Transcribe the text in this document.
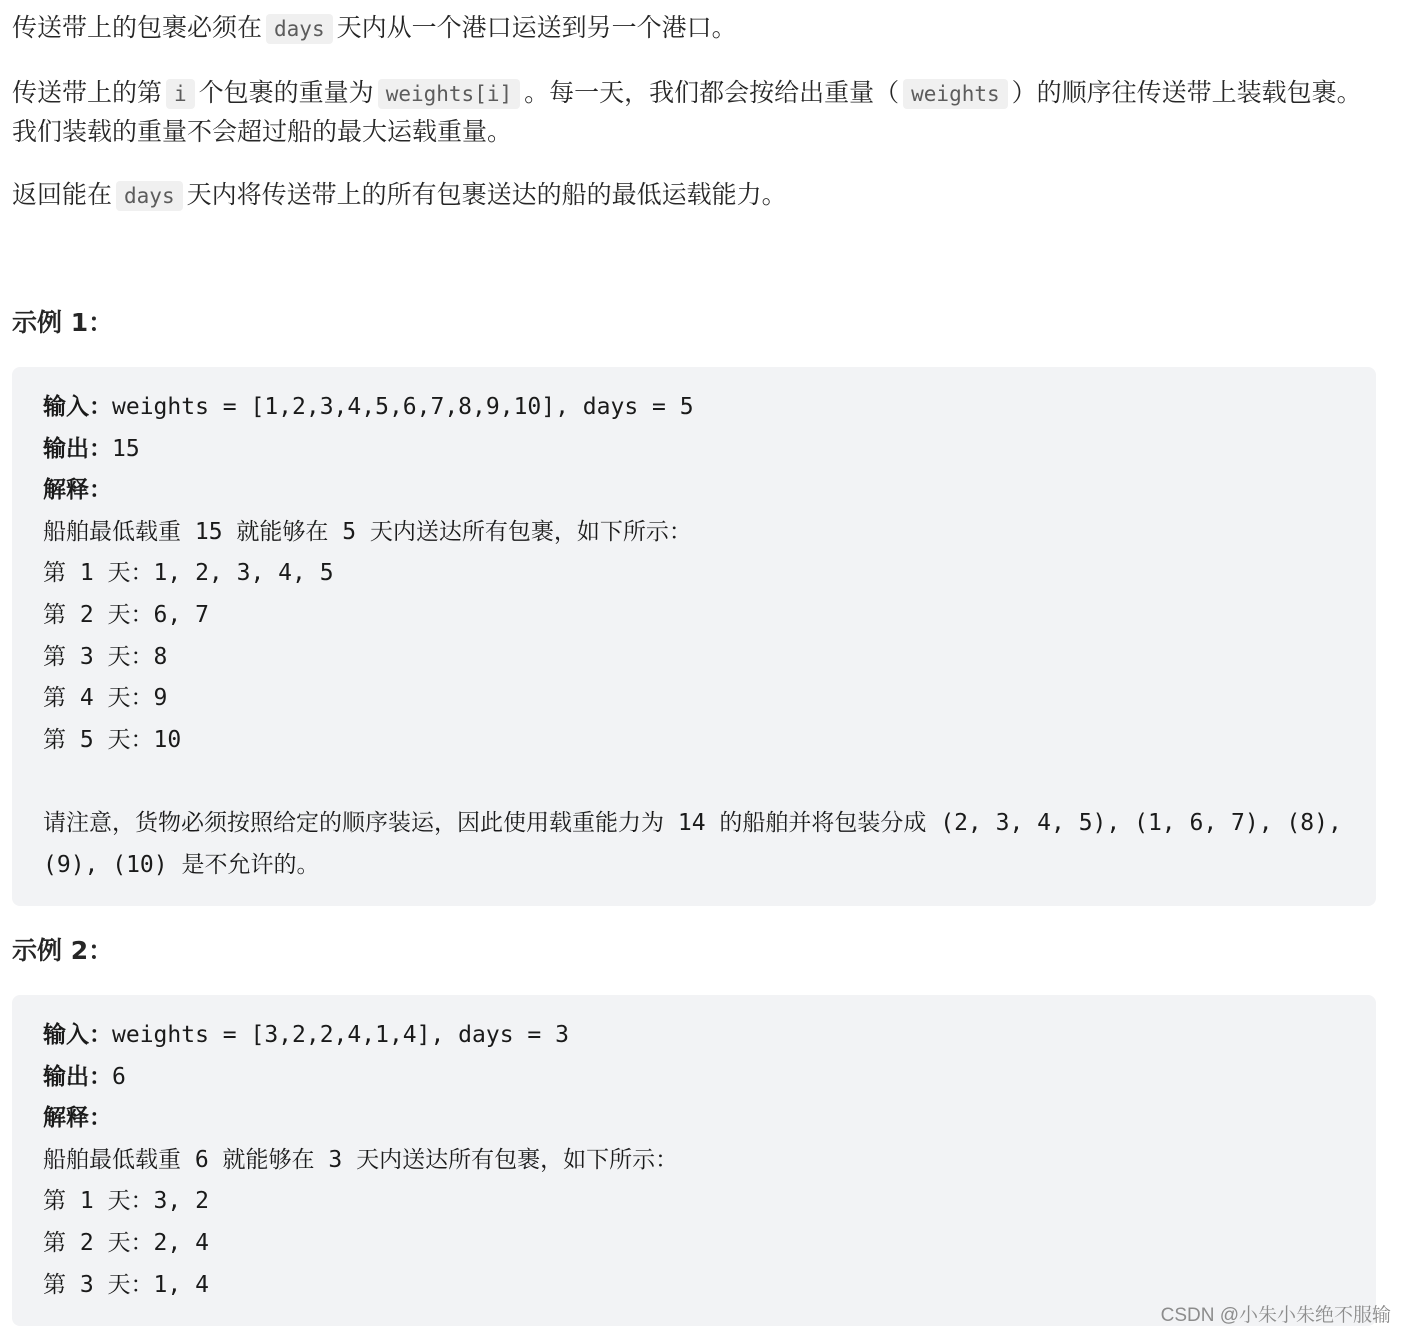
传送带上的包裹必须在 days 天内从一个港口运送到另一个港口。

传送带上的第 i 个包裹的重量为 weights[i] 。每一天，我们都会按给出重量（ weights ）的顺序往传送带上装载包裹。我们装载的重量不会超过船的最大运载重量。

返回能在 days 天内将传送带上的所有包裹送达的船的最低运载能力。

示例 1：
输入：weights = [1,2,3,4,5,6,7,8,9,10], days = 5
输出：15
解释：
船舶最低载重 15 就能够在 5 天内送达所有包裹，如下所示：
第 1 天：1, 2, 3, 4, 5
第 2 天：6, 7
第 3 天：8
第 4 天：9
第 5 天：10
请注意，货物必须按照给定的顺序装运，因此使用载重能力为 14 的船舶并将包装分成 (2, 3, 4, 5), (1, 6, 7), (8), (9), (10) 是不允许的。
示例 2：
输入：weights = [3,2,2,4,1,4], days = 3
输出：6
解释：
船舶最低载重 6 就能够在 3 天内送达所有包裹，如下所示：
第 1 天：3, 2
第 2 天：2, 4
第 3 天：1, 4
CSDN @小朱小朱绝不服输
